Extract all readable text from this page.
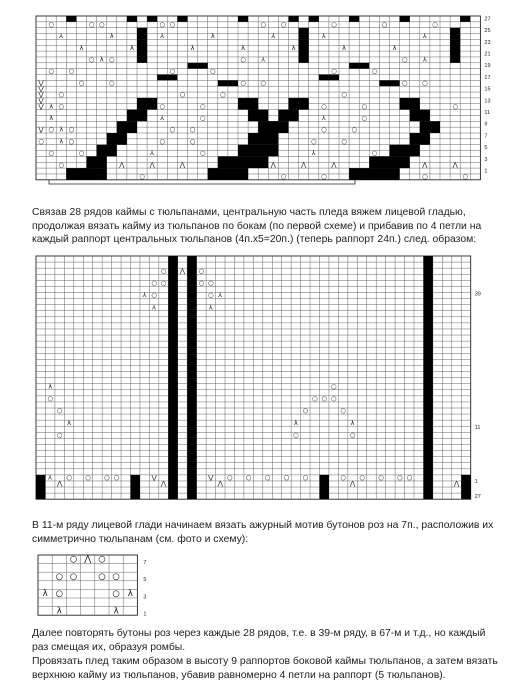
○	○ ○	○ ○	○ ○	○	○	○
⅄	λ	⅄	λ	⅄	⅄	⅄
λ	λ	λ	λ	λ	λ	λ
○ λ ○	○ ⅄	○ ⅄
○ ○	○	○	○	○
⋁
⋁
⋁
⋁
⋁
○	○	○ ○	○ ○
○	○	○	○
λ ○	○	○	○	○	○
λ	⅄	○	⅄	○
⋁ ○ λ ○	○ ○	○	○
○ λ ○	○	○	○	○
○	○	⅄	○	⅄	○
○	⋀	⋀	⋀	⋀	⋀	⋀	⋀	⋀
○	○	○	○	○	○
27
25
23
21
19
17
15
13
11
9
7
5
3
1

Связав 28 рядов каймы с тюльпанами, центральную часть пледа вяжем лицевой гладью, продолжая вязать кайму из тюльпанов по бокам (по первой схеме) и прибавив по 4 петли на каждый раппорт центральных тюльпанов (4п.х5=20п.) (теперь раппорт 24п.) след. образом:

○ ⋀ ○
○ ○	○ ○
⅄ ○	○ ⅄
⅄	⅄
λ	○
○	○ ○ ○
○	○	○
λ	λ	λ
○	○	○
⅄ ○ ○ ○ ○	⋁	⋁ ○ ○ ○ ○ ○	○ ○ ○ ○ ○
⋀	⋀	⋀	⋀	⋀
39
11
1
27

В 11-м ряду лицевой глади начинаем вязать ажурный мотив бутонов роз на 7п., расположив их симметрично тюльпанам (см. фото и схему):

○ ⋀ ○
○ ○ ○ ○
λ ○	○ λ
λ	λ
7
5
3
1

Далее повторять бутоны роз через каждые 28 рядов, т.е. в 39-м ряду, в 67-м и т.д., но каждый раз смещая их, образуя ромбы.

Провязать плед таким образом в высоту 9 раппортов боковой каймы тюльпанов, а затем вязать верхнюю кайму из тюльпанов, убавив равномерно 4 петли на раппорт (5 тюльпанов).
